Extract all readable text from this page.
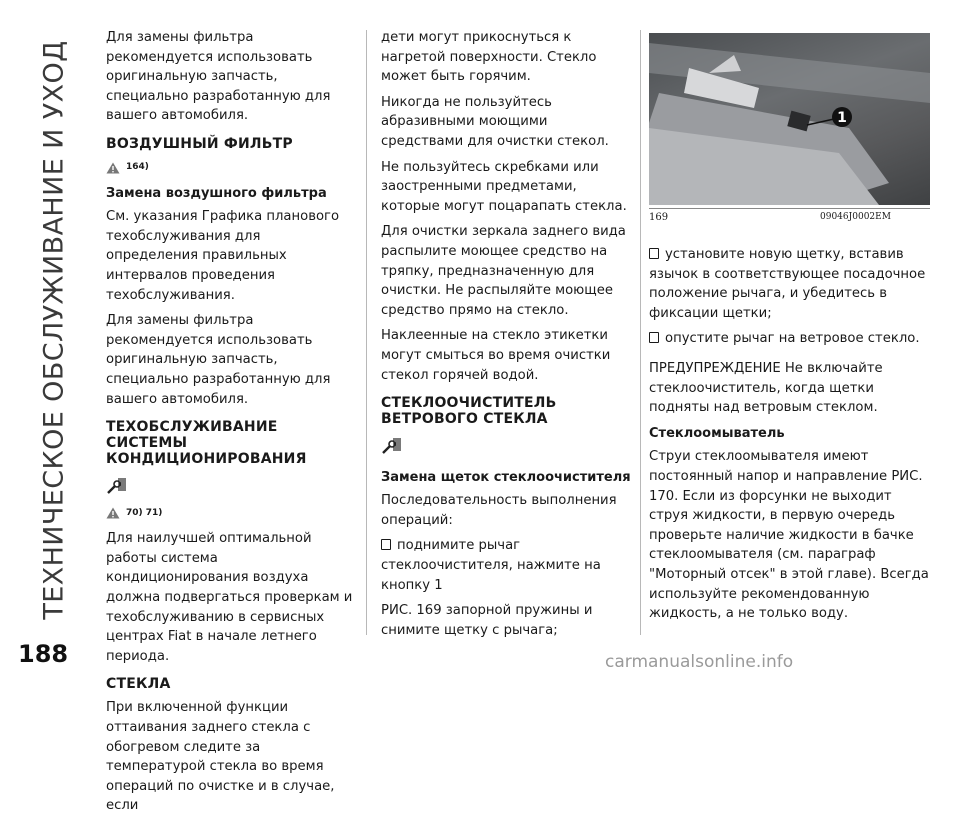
ТЕХНИЧЕСКОЕ ОБСЛУЖИВАНИЕ И УХОД
188

Для замены фильтра рекомендуется использовать оригинальную запчасть, специально разработанную для вашего автомобиля.

ВОЗДУШНЫЙ ФИЛЬТР
164)
Замена воздушного фильтра

См. указания Графика планового техобслуживания для определения правильных интервалов проведения техобслуживания.

Для замены фильтра рекомендуется использовать оригинальную запчасть, специально разработанную для вашего автомобиля.

ТЕХОБСЛУЖИВАНИЕ СИСТЕМЫ КОНДИЦИОНИРОВАНИЯ
70) 71)

Для наилучшей оптимальной работы система кондиционирования воздуха должна подвергаться проверкам и техобслуживанию в сервисных центрах Fiat в начале летнего периода.

СТЕКЛА

При включенной функции оттаивания заднего стекла с обогревом следите за температурой стекла во время операций по очистке и в случае, если

дети могут прикоснуться к нагретой поверхности. Стекло может быть горячим.

Никогда не пользуйтесь абразивными моющими средствами для очистки стекол.

Не пользуйтесь скребками или заостренными предметами, которые могут поцарапать стекла.

Для очистки зеркала заднего вида распылите моющее средство на тряпку, предназначенную для очистки. Не распыляйте моющее средство прямо на стекло.

Наклеенные на стекло этикетки могут смыться во время очистки стекол горячей водой.

СТЕКЛООЧИСТИТЕЛЬ ВЕТРОВОГО СТЕКЛА
Замена щеток стеклоочистителя

Последовательность выполнения операций:

поднимите рычаг стеклоочистителя, нажмите на кнопку 1

РИС. 169 запорной пружины и снимите щетку с рычага;

1
169	09046J0002EM

установите новую щетку, вставив язычок в соответствующее посадочное положение рычага, и убедитесь в фиксации щетки;

опустите рычаг на ветровое стекло.

ПРЕДУПРЕЖДЕНИЕ Не включайте стеклоочиститель, когда щетки подняты над ветровым стеклом.

Стеклоомыватель

Струи стеклоомывателя имеют постоянный напор и направление РИС. 170. Если из форсунки не выходит струя жидкости, в первую очередь проверьте наличие жидкости в бачке стеклоомывателя (см. параграф "Моторный отсек" в этой главе). Всегда используйте рекомендованную жидкость, а не только воду.

carmanualsonline.info
